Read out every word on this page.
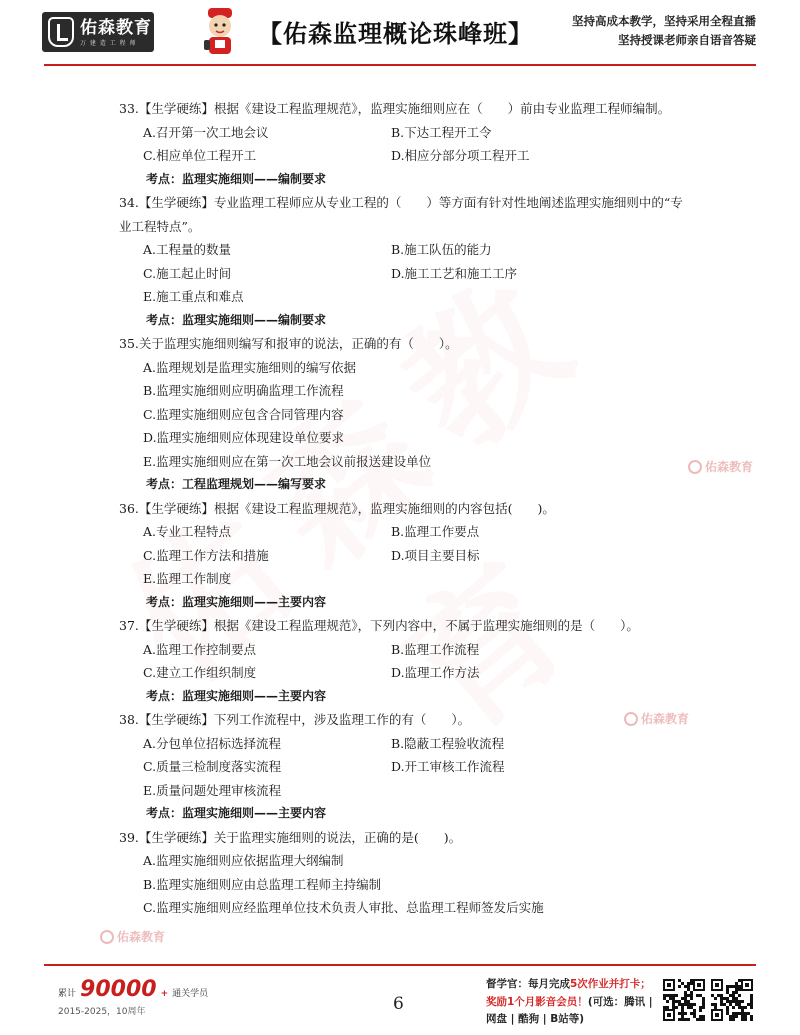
佑森教育
万 建 造 工 程 师	【佑森监理概论珠峰班】	坚持高成本教学，坚持采用全程直播
坚持授课老师亲自语音答疑
佑森教育
佑森教育
佑森教育

33.【生学硬练】根据《建设工程监理规范》，监理实施细则应在（　　）前由专业监理工程师编制。

A.召开第一次工地会议	B.下达工程开工令
C.相应单位工程开工	D.相应分部分项工程开工
考点：监理实施细则——编制要求

34.【生学硬练】专业监理工程师应从专业工程的（　　）等方面有针对性地阐述监理实施细则中的“专业工程特点”。

A.工程量的数量	B.施工队伍的能力
C.施工起止时间	D.施工工艺和施工工序
E.施工重点和难点
考点：监理实施细则——编制要求

35.关于监理实施细则编写和报审的说法，正确的有（　　）。

A.监理规划是监理实施细则的编写依据
B.监理实施细则应明确监理工作流程
C.监理实施细则应包含合同管理内容
D.监理实施细则应体现建设单位要求
E.监理实施细则应在第一次工地会议前报送建设单位
考点：工程监理规划——编写要求

36.【生学硬练】根据《建设工程监理规范》，监理实施细则的内容包括(　　)。

A.专业工程特点	B.监理工作要点
C.监理工作方法和措施	D.项目主要目标
E.监理工作制度
考点：监理实施细则——主要内容

37.【生学硬练】根据《建设工程监理规范》，下列内容中，不属于监理实施细则的是（　　）。

A.监理工作控制要点	B.监理工作流程
C.建立工作组织制度	D.监理工作方法
考点：监理实施细则——主要内容

38.【生学硬练】下列工作流程中，涉及监理工作的有（　　）。

A.分包单位招标选择流程	B.隐蔽工程验收流程
C.质量三检制度落实流程	D.开工审核工作流程
E.质量问题处理审核流程
考点：监理实施细则——主要内容

39.【生学硬练】关于监理实施细则的说法，正确的是(　　)。

A.监理实施细则应依据监理大纲编制
B.监理实施细则应由总监理工程师主持编制
C.监理实施细则应经监理单位技术负责人审批、总监理工程师签发后实施
累计 90000 + 通关学员
2015-2025，10周年	6
督学官：每月完成5次作业并打卡；
奖励1个月影音会员！(可选：腾讯 |
网盘 | 酷狗 | B站等)
